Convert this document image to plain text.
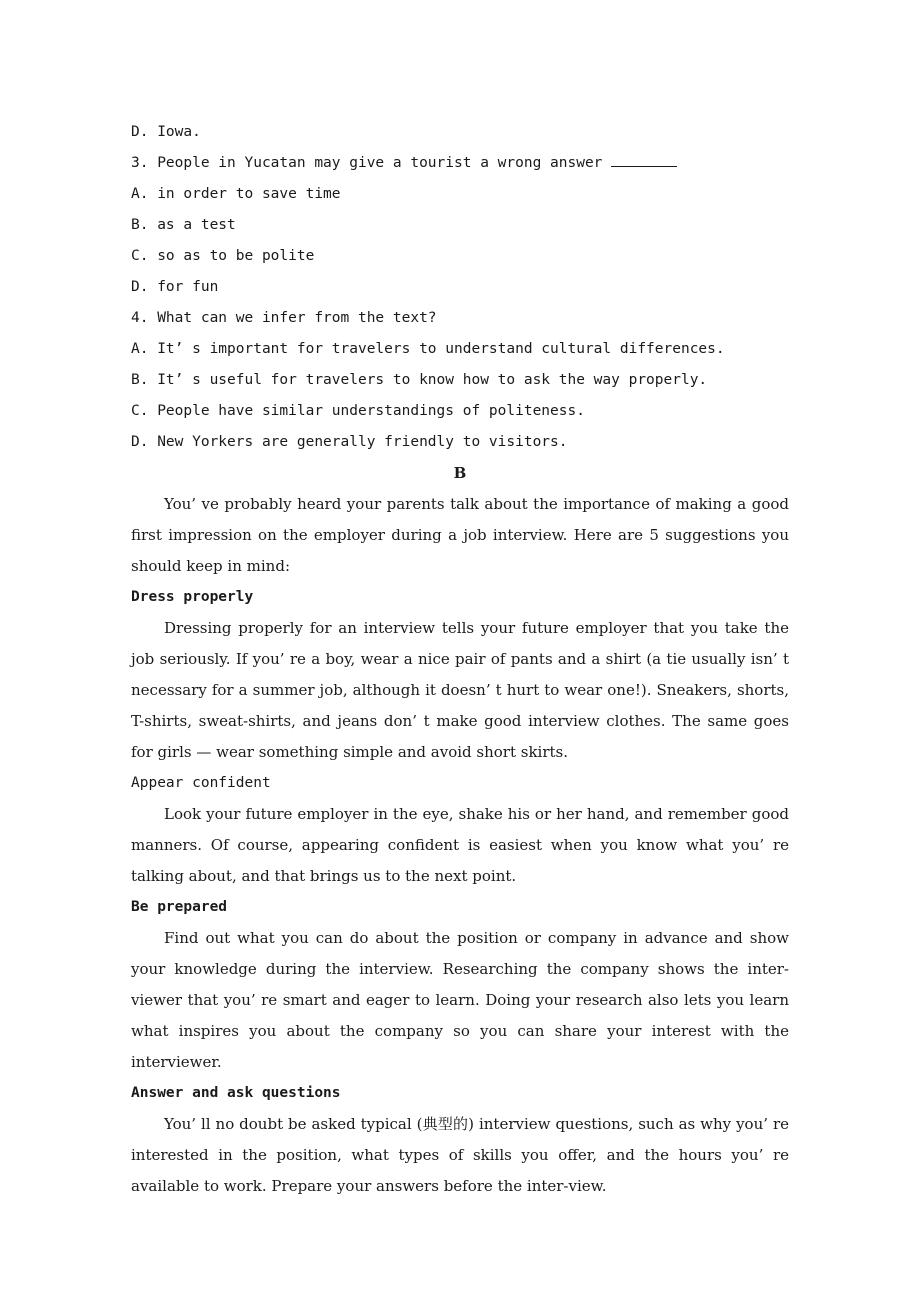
D. Iowa.

3. People in Yucatan may give a tourist a wrong answer

A. in order to save time

B. as a test

C. so as to be polite

D. for fun

4. What can we infer from the text?

A. It’ s important for travelers to understand cultural differences.

B. It’ s useful for travelers to know how to ask the way properly.

C. People have similar understandings of politeness.

D. New Yorkers are generally friendly to visitors.

B

You’ ve probably heard your parents talk about the importance of making a good first impression on the employer during a job interview. Here are 5 suggestions you should keep in mind:

Dress properly

Dressing properly for an interview tells your future employer that you take the job seriously. If you’ re a boy, wear a nice pair of pants and a shirt (a tie usually isn’ t necessary for a summer job, although it doesn’ t hurt to wear one!). Sneakers, shorts, T-shirts, sweat-shirts, and jeans don’ t make good interview clothes. The same goes for girls — wear something simple and avoid short skirts.

Appear confident

Look your future employer in the eye, shake his or her hand, and remember good manners. Of course, appearing confident is easiest when you know what you’ re talking about, and that brings us to the next point.

Be prepared

Find out what you can do about the position or company in advance and show your knowledge during the interview. Researching the company shows the inter-viewer that you’ re smart and eager to learn. Doing your research also lets you learn what inspires you about the company so you can share your interest with the interviewer.

Answer and ask questions

You’ ll no doubt be asked typical (典型的) interview questions, such as why you’ re interested in the position, what types of skills you offer, and the hours you’ re available to work. Prepare your answers before the inter-view.
